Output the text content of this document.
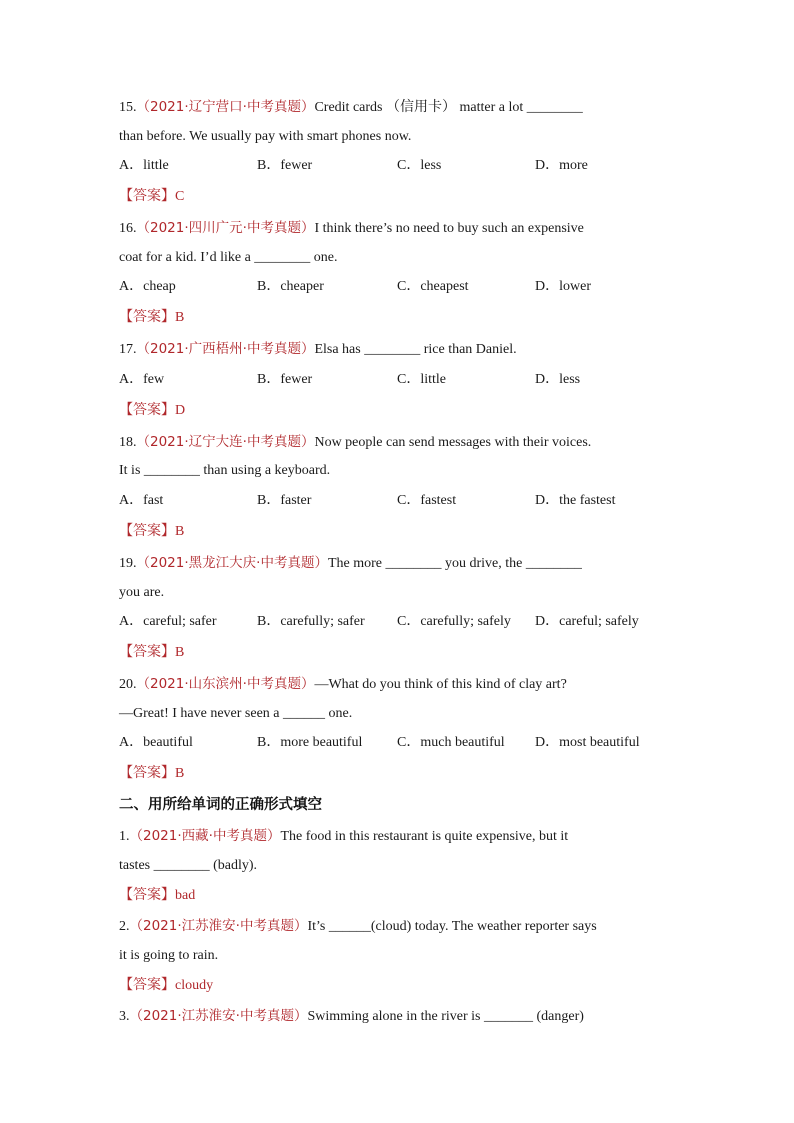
15.（2021·辽宁营口·中考真题）Credit cards （信用卡） matter a lot ________
than before. We usually pay with smart phones now.
A．little	B．fewer	C．less	D．more
【答案】C
16.（2021·四川广元·中考真题）I think there’s no need to buy such an expensive
coat for a kid. I’d like a ________ one.
A．cheap	B．cheaper	C．cheapest	D．lower
【答案】B
17.（2021·广西梧州·中考真题）Elsa has ________ rice than Daniel.
A．few	B．fewer	C．little	D．less
【答案】D
18.（2021·辽宁大连·中考真题）Now people can send messages with their voices.
It is ________ than using a keyboard.
A．fast	B．faster	C．fastest	D．the fastest
【答案】B
19.（2021·黑龙江大庆·中考真题）The more ________ you drive, the ________
you are.
A．careful; safer	B．carefully; safer C．carefully; safely D．careful; safely
【答案】B
20.（2021·山东滨州·中考真题）—What do you think of this kind of clay art?
—Great! I have never seen a ______ one.
A．beautiful	B．more beautiful C．much beautiful D．most beautiful
【答案】B
二、用所给单词的正确形式填空
1.（2021·西藏·中考真题）The food in this restaurant is quite expensive, but it
tastes ________ (badly).
【答案】bad
2.（2021·江苏淮安·中考真题）It’s ______(cloud) today. The weather reporter says
it is going to rain.
【答案】cloudy
3.（2021·江苏淮安·中考真题）Swimming alone in the river is _______ (danger)
